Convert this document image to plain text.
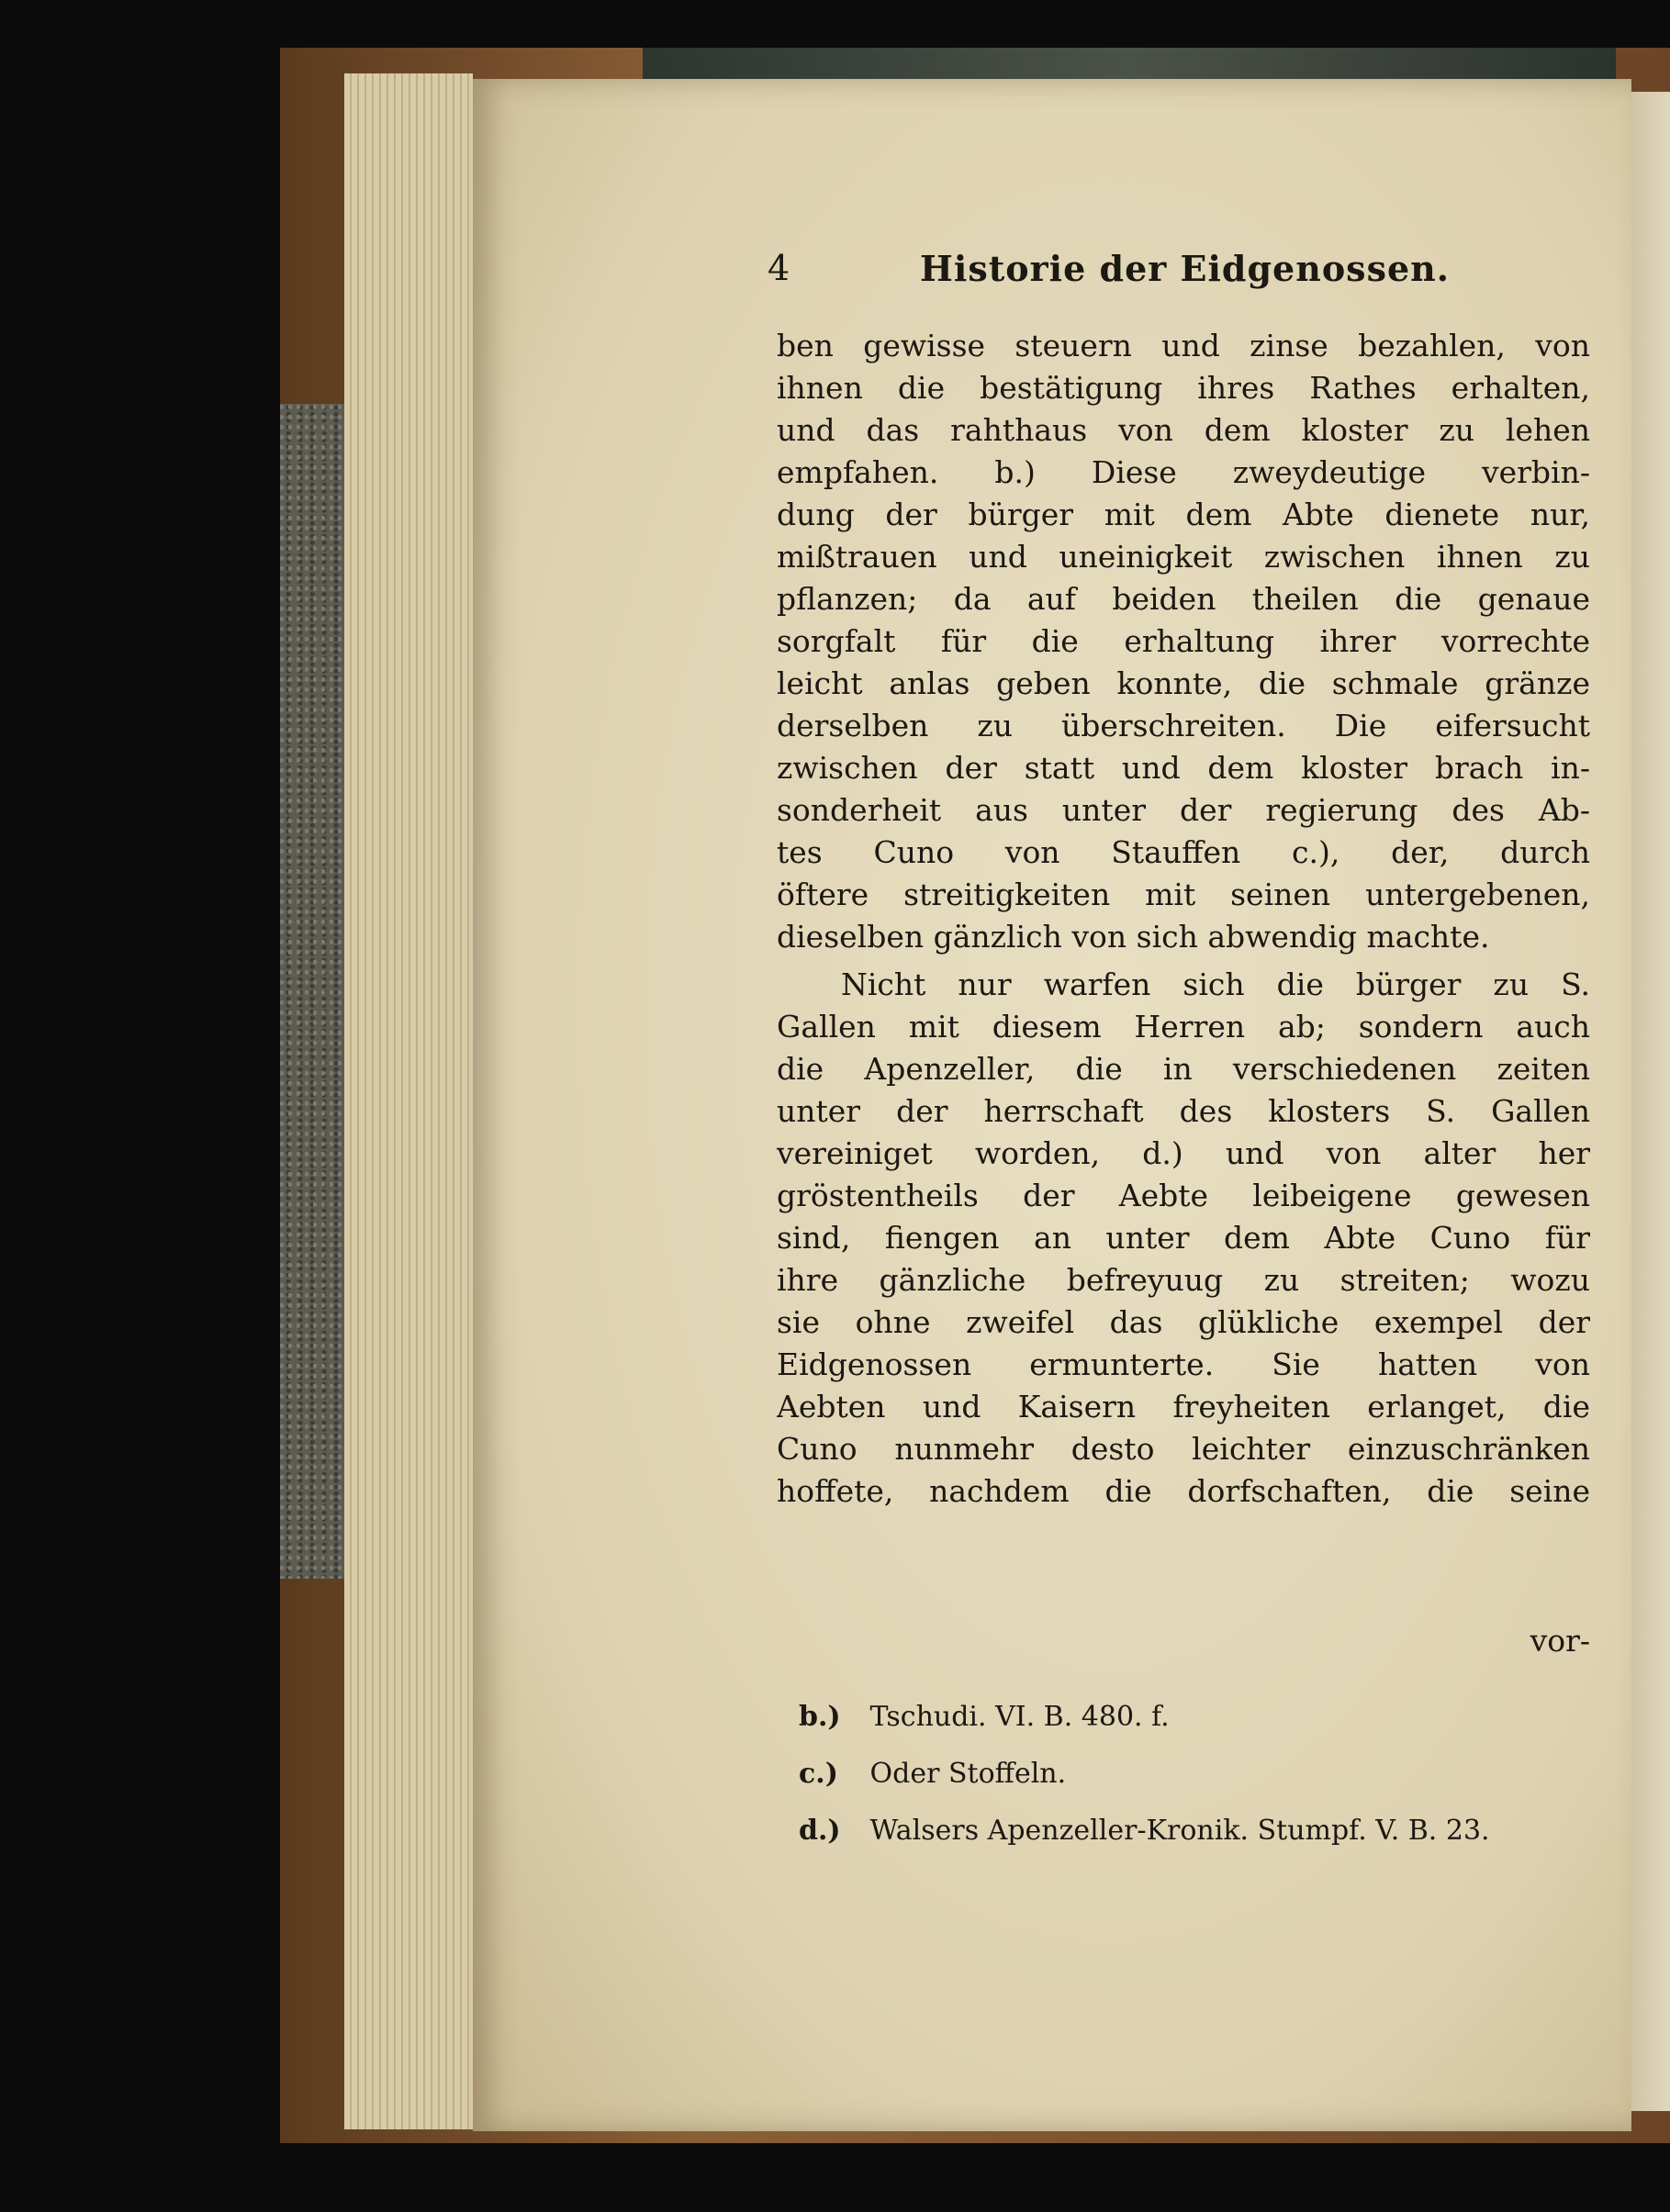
4	Historie der Eidgenossen.
ben gewisse steuern und zinse bezahlen, von
ihnen die bestätigung ihres Rathes erhalten,
und das rahthaus von dem kloster zu lehen
empfahen. b.) Diese zweydeutige verbin-
dung der bürger mit dem Abte dienete nur,
mißtrauen und uneinigkeit zwischen ihnen zu
pflanzen; da auf beiden theilen die genaue
sorgfalt für die erhaltung ihrer vorrechte
leicht anlas geben konnte, die schmale gränze
derselben zu überschreiten. Die eifersucht
zwischen der statt und dem kloster brach in-
sonderheit aus unter der regierung des Ab-
tes Cuno von Stauffen c.), der, durch
öftere streitigkeiten mit seinen untergebenen,
dieselben gänzlich von sich abwendig machte.
Nicht nur warfen sich die bürger zu S.
Gallen mit diesem Herren ab; sondern auch
die Apenzeller, die in verschiedenen zeiten
unter der herrschaft des klosters S. Gallen
vereiniget worden, d.) und von alter her
gröstentheils der Aebte leibeigene gewesen
sind, fiengen an unter dem Abte Cuno für
ihre gänzliche befreyuug zu streiten; wozu
sie ohne zweifel das glükliche exempel der
Eidgenossen ermunterte. Sie hatten von
Aebten und Kaisern freyheiten erlanget, die
Cuno nunmehr desto leichter einzuschränken
hoffete, nachdem die dorfschaften, die seine
vor-
b.) Tschudi. VI. B. 480. f.
c.) Oder Stoffeln.
d.) Walsers Apenzeller-Kronik. Stumpf. V. B. 23.
